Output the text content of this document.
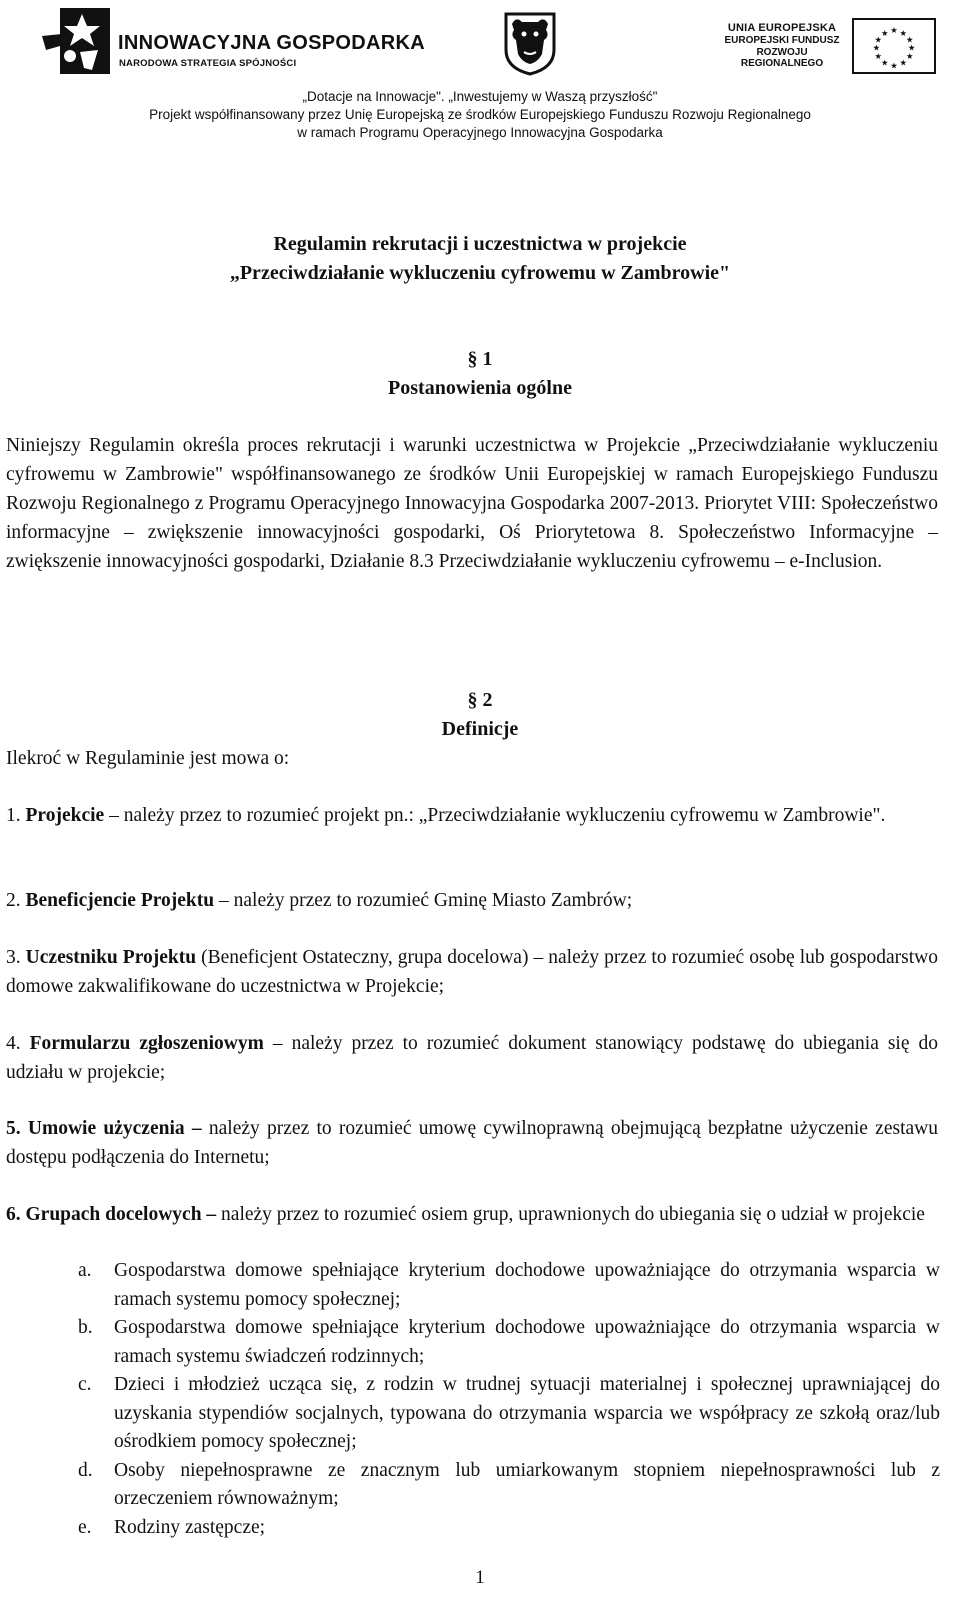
INNOWACYJNA GOSPODARKA
NARODOWA STRATEGIA SPÓJNOŚCI
UNIA EUROPEJSKA
EUROPEJSKI FUNDUSZ
ROZWOJU REGIONALNEGO
★ ★
★
★
★
★
★
★
★
★
★
★
„Dotacje na Innowacje". „Inwestujemy w Waszą przyszłość"
Projekt współfinansowany przez Unię Europejską ze środków Europejskiego Funduszu Rozwoju Regionalnego
w ramach Programu Operacyjnego Innowacyjna Gospodarka
Regulamin rekrutacji i uczestnictwa w projekcie
„Przeciwdziałanie wykluczeniu cyfrowemu w Zambrowie"
§ 1
Postanowienia ogólne
Niniejszy Regulamin określa proces rekrutacji i warunki uczestnictwa w Projekcie „Przeciwdziałanie wykluczeniu cyfrowemu w Zambrowie" współfinansowanego ze środków Unii Europejskiej w ramach Europejskiego Funduszu Rozwoju Regionalnego z Programu Operacyjnego Innowacyjna Gospodarka 2007-2013. Priorytet VIII: Społeczeństwo informacyjne – zwiększenie innowacyjności gospodarki, Oś Priorytetowa 8. Społeczeństwo Informacyjne – zwiększenie innowacyjności gospodarki, Działanie 8.3 Przeciwdziałanie wykluczeniu cyfrowemu – e-Inclusion.
§ 2
Definicje
Ilekroć w Regulaminie jest mowa o:
1. Projekcie – należy przez to rozumieć projekt pn.: „Przeciwdziałanie wykluczeniu cyfrowemu w Zambrowie".
2. Beneficjencie Projektu – należy przez to rozumieć Gminę Miasto Zambrów;
3. Uczestniku Projektu (Beneficjent Ostateczny, grupa docelowa) – należy przez to rozumieć osobę lub gospodarstwo domowe zakwalifikowane do uczestnictwa w Projekcie;
4. Formularzu zgłoszeniowym – należy przez to rozumieć dokument stanowiący podstawę do ubiegania się do udziału w projekcie;
5. Umowie użyczenia – należy przez to rozumieć umowę cywilnoprawną obejmującą bezpłatne użyczenie zestawu dostępu podłączenia do Internetu;
6. Grupach docelowych – należy przez to rozumieć osiem grup, uprawnionych do ubiegania się o udział w projekcie
a. Gospodarstwa domowe spełniające kryterium dochodowe upoważniające do otrzymania wsparcia w ramach systemu pomocy społecznej;
b. Gospodarstwa domowe spełniające kryterium dochodowe upoważniające do otrzymania wsparcia w ramach systemu świadczeń rodzinnych;
c. Dzieci i młodzież ucząca się, z rodzin w trudnej sytuacji materialnej i społecznej uprawniającej do uzyskania stypendiów socjalnych, typowana do otrzymania wsparcia we współpracy ze szkołą oraz/lub ośrodkiem pomocy społecznej;
d. Osoby niepełnosprawne ze znacznym lub umiarkowanym stopniem niepełnosprawności lub z orzeczeniem równoważnym;
e. Rodziny zastępcze;
1
